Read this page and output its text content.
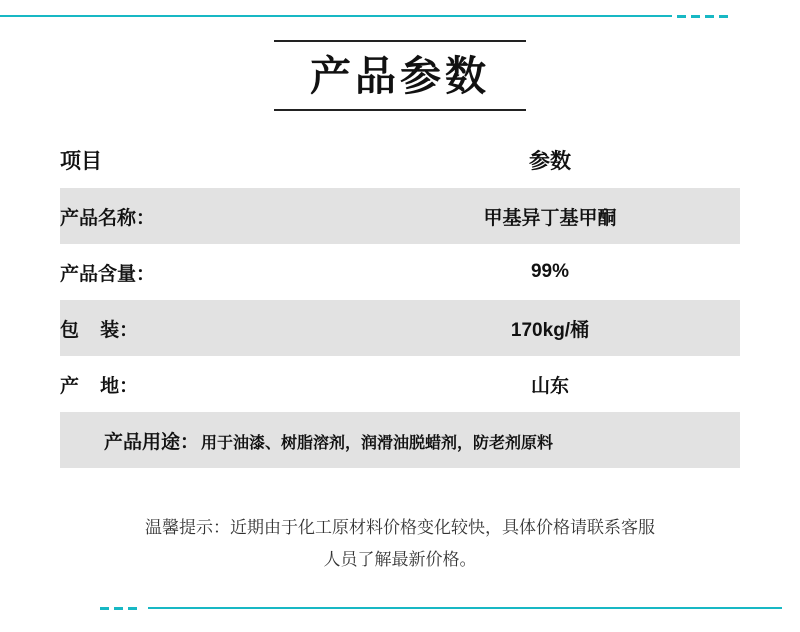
产品参数
项目	参数
产品名称：	甲基异丁基甲酮
产品含量：	99%
包    装：	170kg/桶
产    地：	山东

产品用途： 用于油漆、树脂溶剂，润滑油脱蜡剂，防老剂原料	
温馨提示：近期由于化工原材料价格变化较快，具体价格请联系客服
人员了解最新价格。
